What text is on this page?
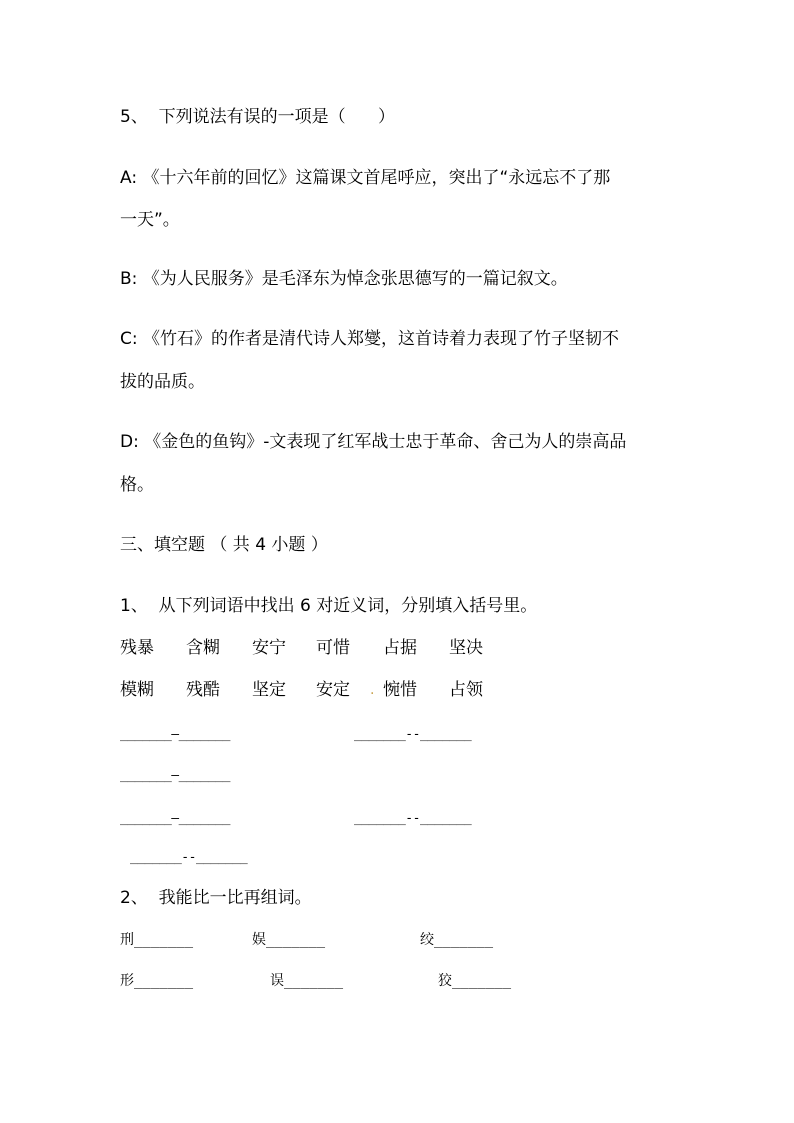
5、  下列说法有误的一项是（      ）
A: 《十六年前的回忆》这篇课文首尾呼应，突出了“永远忘不了那
一天”。
B: 《为人民服务》是毛泽东为悼念张思德写的一篇记叙文。
C: 《竹石》的作者是清代诗人郑燮，这首诗着力表现了竹子坚韧不
拔的品质。
D: 《金色的鱼钩》-文表现了红军战士忠于革命、舍己为人的崇高品
格。
三、填空题 （ 共 4 小题 ）
1、  从下列词语中找出 6 对近义词，分别填入括号里。
残暴 含糊 安宁 可惜 占据 坚决
模糊 残酷 坚定 安定 . 惋惜 占领
_______—_______	_______--_______
_______—_______
_______—_______	_______--_______
_______--_______
2、  我能比一比再组词。
刑_______	娱_______	绞_______
形_______	误_______	狡_______
